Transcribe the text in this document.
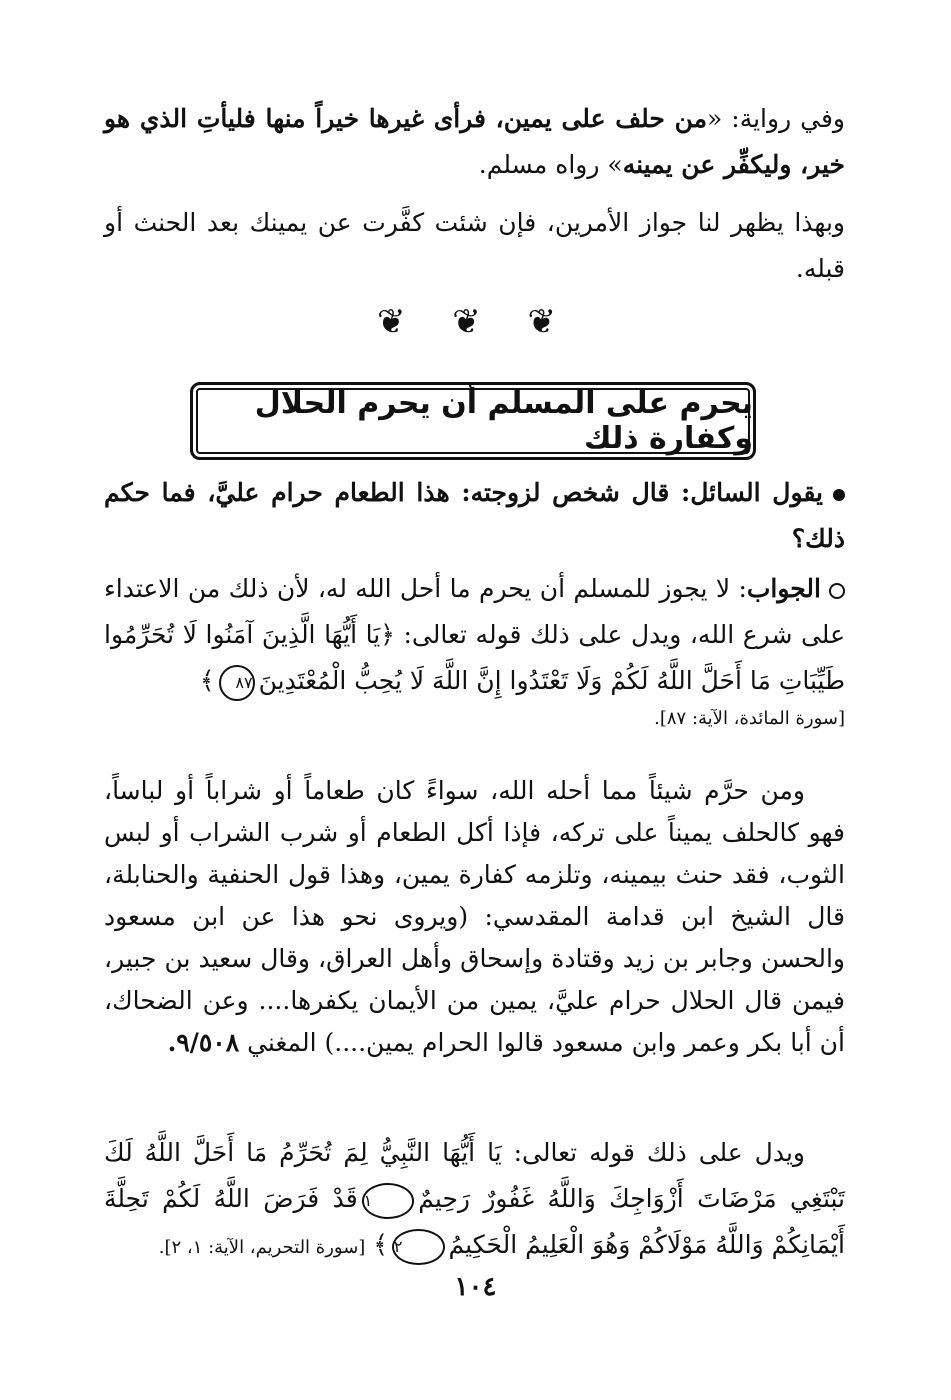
وفي رواية: «من حلف على يمين، فرأى غيرها خيراً منها فليأتِ الذي هو خير، وليكفِّر عن يمينه» رواه مسلم.
وبهذا يظهر لنا جواز الأمرين، فإن شئت كفَّرت عن يمينك بعد الحنث أو قبله.
❦ ❦ ❦
يحرم على المسلم أن يحرم الحلال وكفارة ذلك
يقول السائل: قال شخص لزوجته: هذا الطعام حرام عليَّ، فما حكم ذلك؟
الجواب: لا يجوز للمسلم أن يحرم ما أحل الله له، لأن ذلك من الاعتداء على شرع الله، ويدل على ذلك قوله تعالى: ﴿يَا أَيُّهَا الَّذِينَ آمَنُوا لَا تُحَرِّمُوا طَيِّبَاتِ مَا أَحَلَّ اللَّهُ لَكُمْ وَلَا تَعْتَدُوا إِنَّ اللَّهَ لَا يُحِبُّ الْمُعْتَدِينَ٨٧﴾
[سورة المائدة، الآية: ٨٧].
ومن حرَّم شيئاً مما أحله الله، سواءً كان طعاماً أو شراباً أو لباساً، فهو كالحلف يميناً على تركه، فإذا أكل الطعام أو شرب الشراب أو لبس الثوب، فقد حنث بيمينه، وتلزمه كفارة يمين، وهذا قول الحنفية والحنابلة، قال الشيخ ابن قدامة المقدسي: (ويروى نحو هذا عن ابن مسعود والحسن وجابر بن زيد وقتادة وإسحاق وأهل العراق، وقال سعيد بن جبير، فيمن قال الحلال حرام عليَّ، يمين من الأيمان يكفرها.... وعن الضحاك، أن أبا بكر وعمر وابن مسعود قالوا الحرام يمين....) المغني ٩/٥٠٨.
ويدل على ذلك قوله تعالى: يَا أَيُّهَا النَّبِيُّ لِمَ تُحَرِّمُ مَا أَحَلَّ اللَّهُ لَكَ تَبْتَغِي مَرْضَاتَ أَزْوَاجِكَ وَاللَّهُ غَفُورٌ رَحِيمٌ١قَدْ فَرَضَ اللَّهُ لَكُمْ تَحِلَّةَ أَيْمَانِكُمْ وَاللَّهُ مَوْلَاكُمْ وَهُوَ الْعَلِيمُ الْحَكِيمُ٢﴾ [سورة التحريم، الآية: ١، ٢].
١٠٤
